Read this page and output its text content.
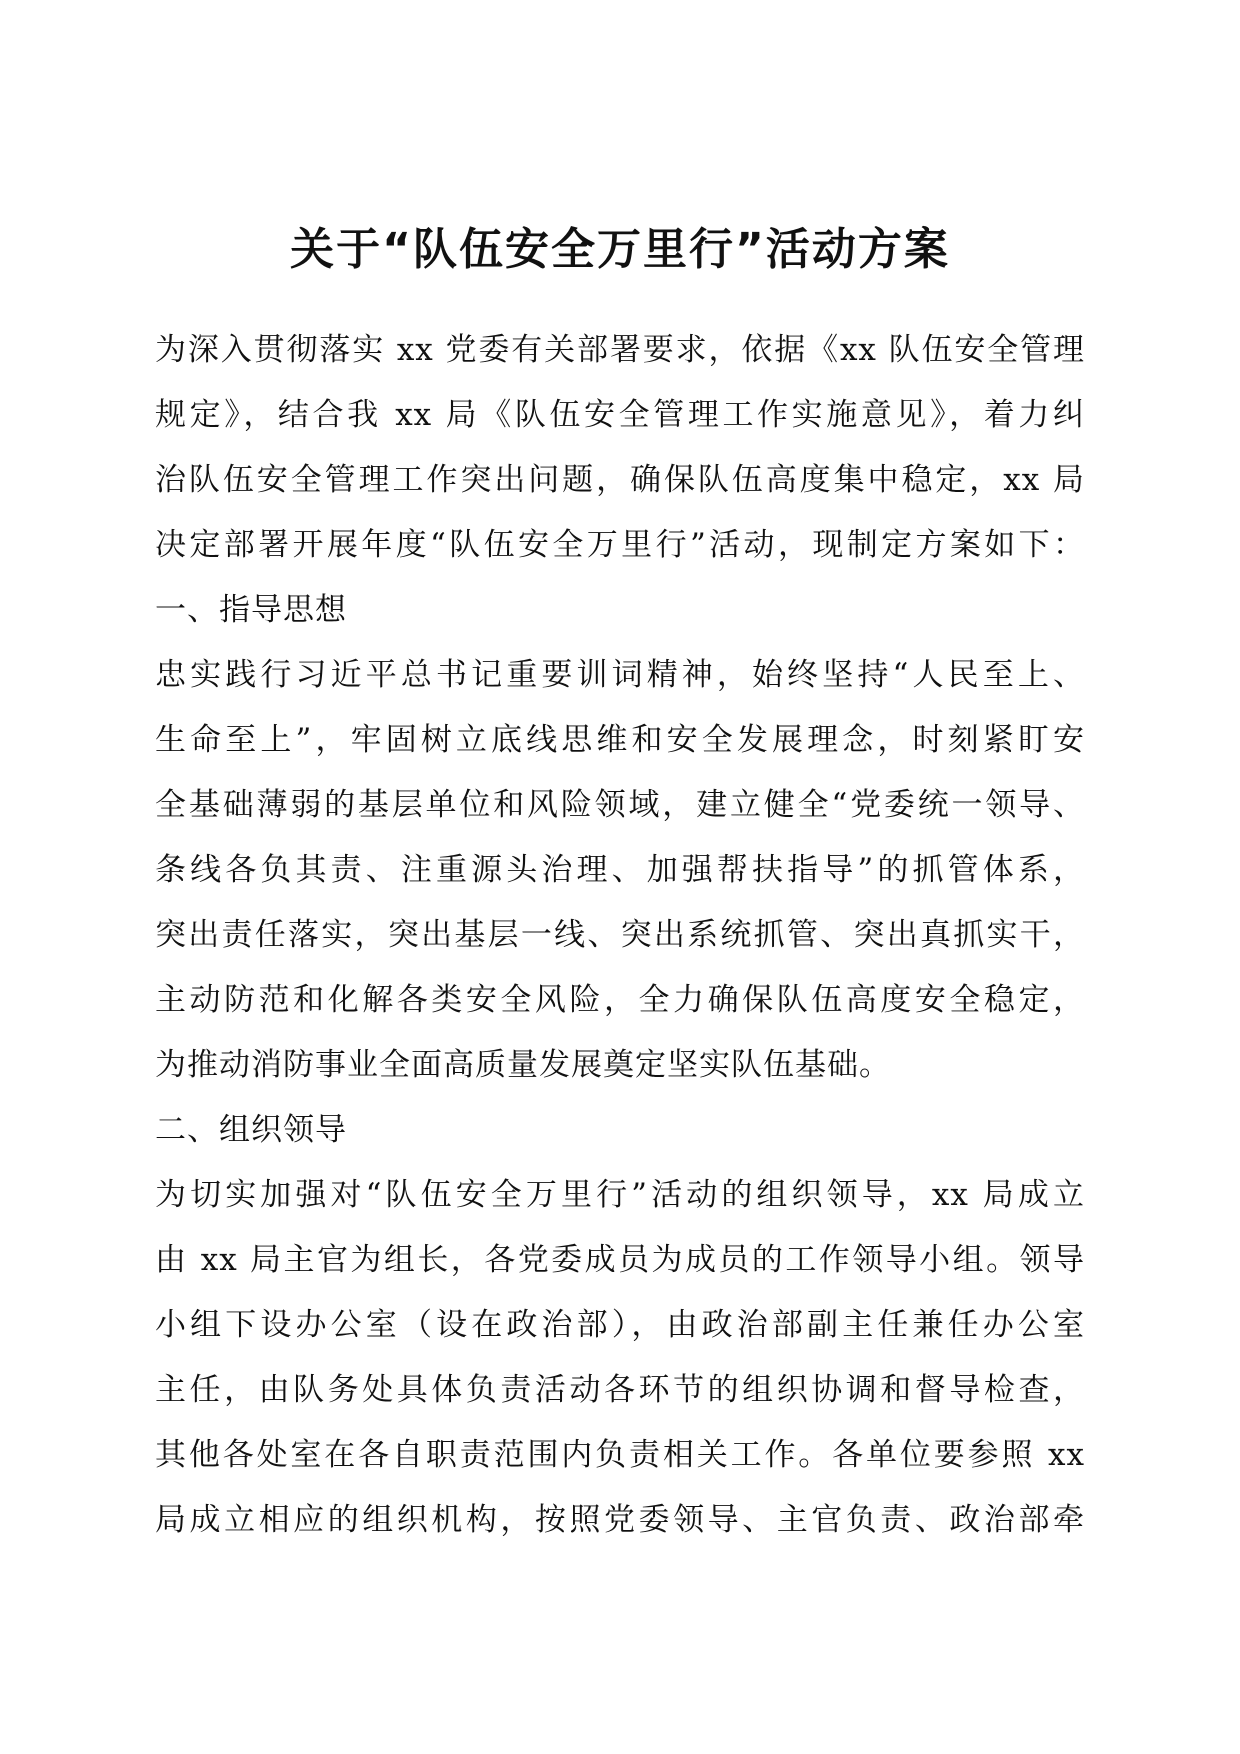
关于“队伍安全万里行”活动方案
为深入贯彻落实 xx 党委有关部署要求，依据《xx 队伍安全管理
规定》，结合我 xx 局《队伍安全管理工作实施意见》，着力纠
治队伍安全管理工作突出问题，确保队伍高度集中稳定，xx 局
决定部署开展年度“队伍安全万里行”活动，现制定方案如下：
一、指导思想
忠实践行习近平总书记重要训词精神，始终坚持“人民至上、
生命至上”，牢固树立底线思维和安全发展理念，时刻紧盯安
全基础薄弱的基层单位和风险领域，建立健全“党委统一领导、
条线各负其责、注重源头治理、加强帮扶指导”的抓管体系，
突出责任落实，突出基层一线、突出系统抓管、突出真抓实干，
主动防范和化解各类安全风险，全力确保队伍高度安全稳定，
为推动消防事业全面高质量发展奠定坚实队伍基础。
二、组织领导
为切实加强对“队伍安全万里行”活动的组织领导，xx 局成立
由 xx 局主官为组长，各党委成员为成员的工作领导小组。领导
小组下设办公室（设在政治部），由政治部副主任兼任办公室
主任，由队务处具体负责活动各环节的组织协调和督导检查，
其他各处室在各自职责范围内负责相关工作。各单位要参照 xx
局成立相应的组织机构，按照党委领导、主官负责、政治部牵
